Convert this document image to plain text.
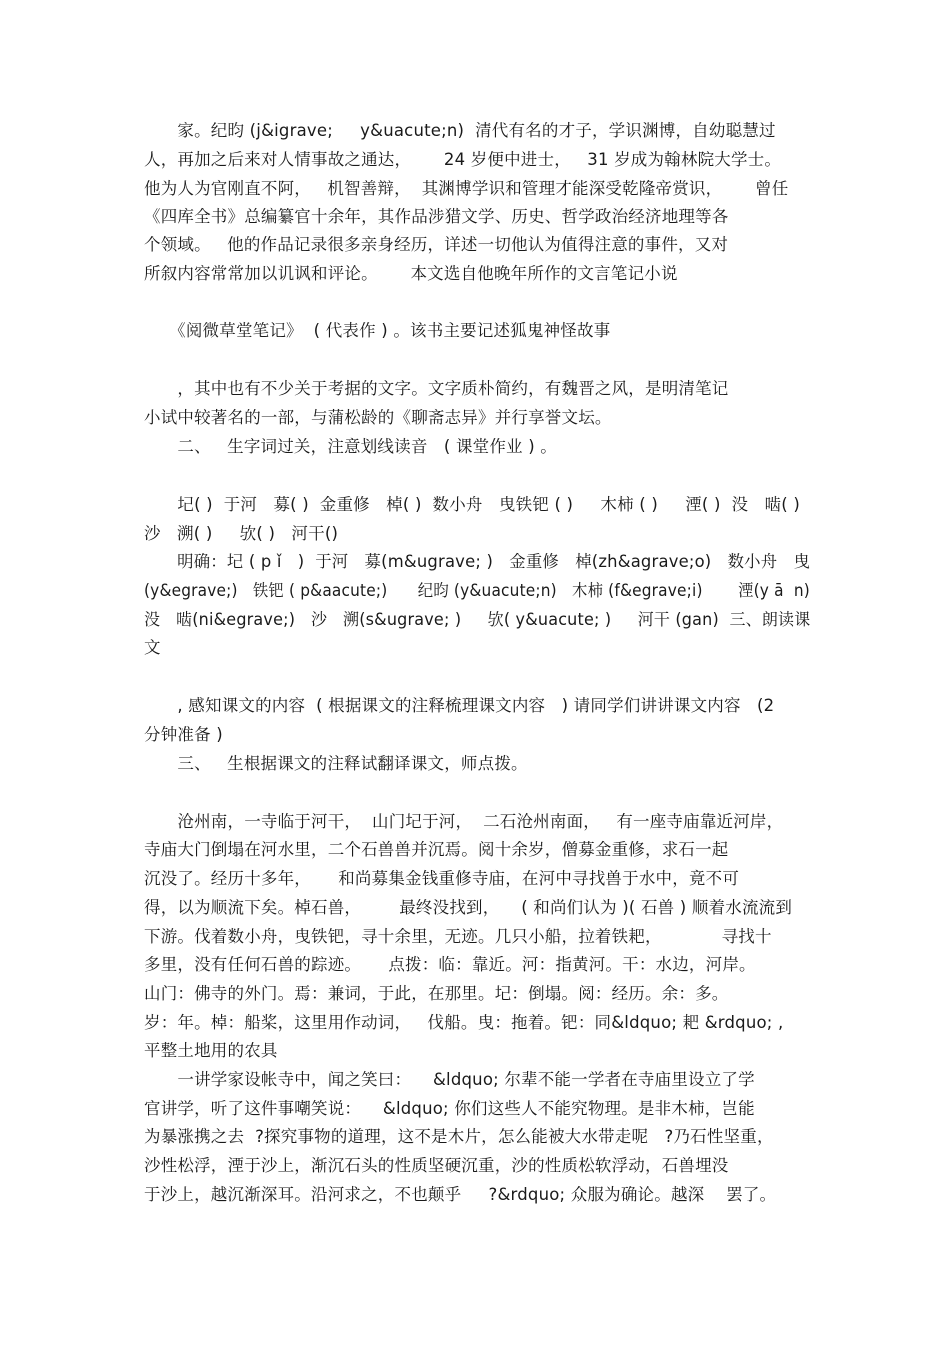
　　家。纪昀 (j&igrave;     y&uacute;n)  清代有名的才子，学识渊博，自幼聪慧过
人，再加之后来对人情事故之通达，      24 岁便中进士，   31 岁成为翰林院大学士。
他为人为官刚直不阿，   机智善辩，  其渊博学识和管理才能深受乾隆帝赏识，      曾任
《四库全书》总编纂官十余年，其作品涉猎文学、历史、哲学政治经济地理等各
个领域。   他的作品记录很多亲身经历，详述一切他认为值得注意的事件，又对
所叙内容常常加以讥讽和评论。      本文选自他晚年所作的文言笔记小说
　　《阅微草堂笔记》  ( 代表作 ) 。该书主要记述狐鬼神怪故事
　　，其中也有不少关于考据的文字。文字质朴简约，有魏晋之风，是明清笔记
小试中较著名的一部，与蒲松龄的《聊斋志异》并行享誉文坛。
　　二、   生字词过关，注意划线读音   ( 课堂作业 ) 。
　　圮( )  于河   募( )  金重修   棹( )  数小舟   曳铁钯 ( )     木柿 ( )     湮( )  没   啮( )
沙   溯( )     欤( )   河干()
　　明确：圮 ( p ǐ   )  于河   募(m&ugrave; )   金重修   棹(zh&agrave;o)   数小舟   曳
(y&egrave;)   铁钯 ( p&aacute;)      纪昀 (y&uacute;n)   木柿 (f&egrave;i)       湮(y ā  n)
没   啮(ni&egrave;)   沙   溯(s&ugrave; )     欤( y&uacute; )     河干 (gan)  三、朗读课
文
　　, 感知课文的内容  ( 根据课文的注释梳理课文内容   ) 请同学们讲讲课文内容   (2
分钟准备 )
　　三、   生根据课文的注释试翻译课文，师点拨。
　　沧州南，一寺临于河干，  山门圮于河，  二石沧州南面，   有一座寺庙靠近河岸，
寺庙大门倒塌在河水里，二个石兽兽并沉焉。阅十余岁，僧募金重修，求石一起
沉没了。经历十多年，     和尚募集金钱重修寺庙，在河中寻找兽于水中，竟不可
得，以为顺流下矣。棹石兽，       最终没找到，    ( 和尚们认为 )( 石兽 ) 顺着水流流到
下游。伐着数小舟，曳铁钯，寻十余里，无迹。几只小船，拉着铁耙，           寻找十
多里，没有任何石兽的踪迹。     点拨：临：靠近。河：指黄河。干：水边，河岸。
山门：佛寺的外门。焉：兼词，于此，在那里。圮：倒塌。阅：经历。余：多。
岁：年。棹：船桨，这里用作动词，   伐船。曳：拖着。钯：同&ldquo; 耙 &rdquo; ,
平整土地用的农具
　　一讲学家设帐寺中，闻之笑曰：    &ldquo; 尔辈不能一学者在寺庙里设立了学
官讲学，听了这件事嘲笑说：    &ldquo; 你们这些人不能究物理。是非木柿，岂能
为暴涨携之去  ?探究事物的道理，这不是木片，怎么能被大水带走呢   ?乃石性坚重，
沙性松浮，湮于沙上，渐沉石头的性质坚硬沉重，沙的性质松软浮动，石兽埋没
于沙上，越沉渐深耳。沿河求之，不也颠乎     ?&rdquo; 众服为确论。越深    罢了。
